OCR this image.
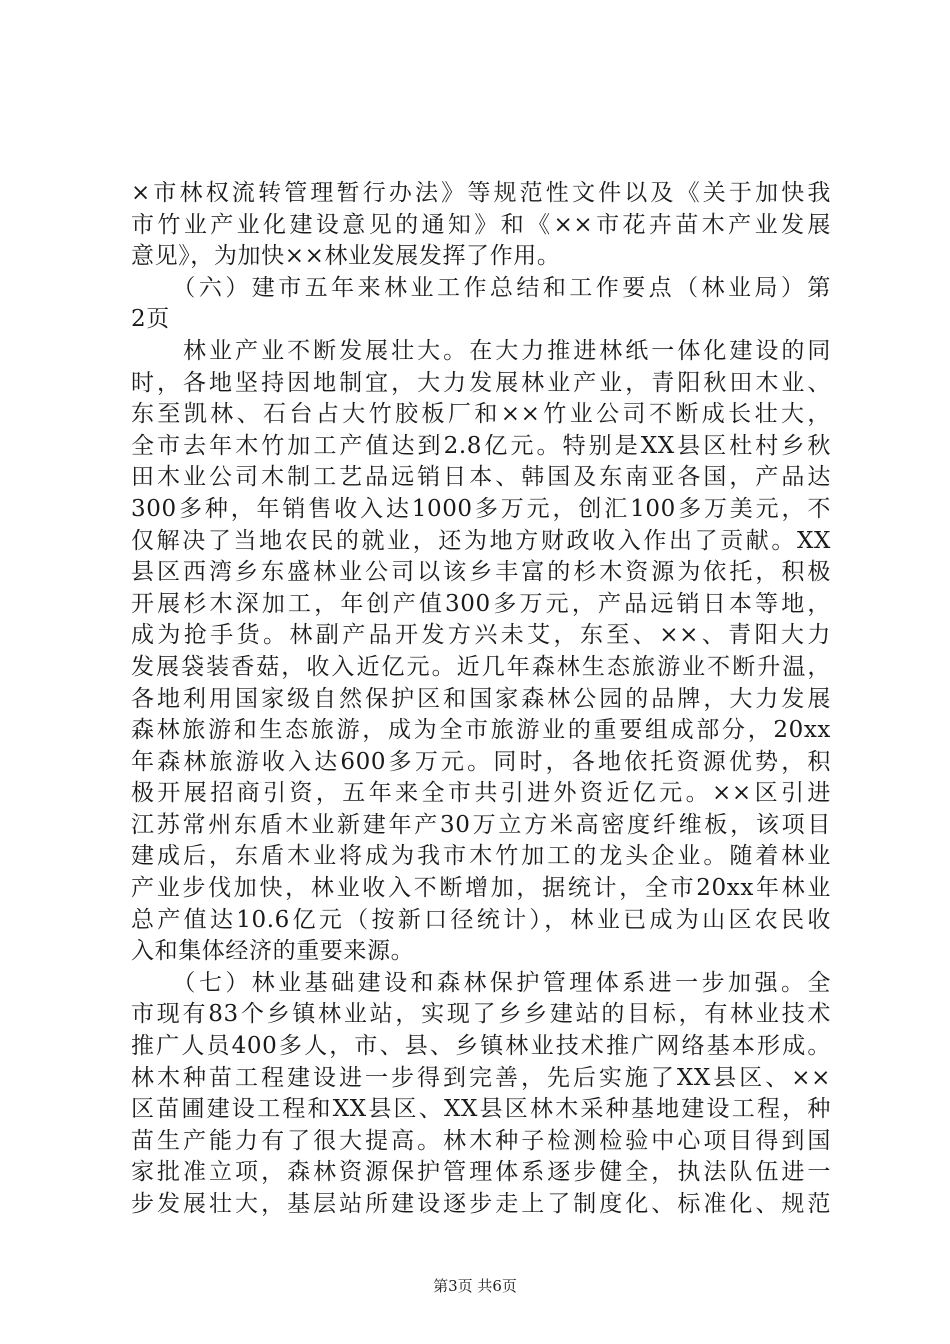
×市林权流转管理暂行办法》等规范性文件以及《关于加快我
市竹业产业化建设意见的通知》和《××市花卉苗木产业发展
意见》，为加快××林业发展发挥了作用。
　　（六）建市五年来林业工作总结和工作要点（林业局）第
2页
　　林业产业不断发展壮大。在大力推进林纸一体化建设的同
时，各地坚持因地制宜，大力发展林业产业，青阳秋田木业、
东至凯林、石台占大竹胶板厂和××竹业公司不断成长壮大，
全市去年木竹加工产值达到2.8亿元。特别是XX县区杜村乡秋
田木业公司木制工艺品远销日本、韩国及东南亚各国，产品达
300多种，年销售收入达1000多万元，创汇100多万美元，不
仅解决了当地农民的就业，还为地方财政收入作出了贡献。XX
县区西湾乡东盛林业公司以该乡丰富的杉木资源为依托，积极
开展杉木深加工，年创产值300多万元，产品远销日本等地，
成为抢手货。林副产品开发方兴未艾，东至、××、青阳大力
发展袋装香菇，收入近亿元。近几年森林生态旅游业不断升温，
各地利用国家级自然保护区和国家森林公园的品牌，大力发展
森林旅游和生态旅游，成为全市旅游业的重要组成部分，20xx
年森林旅游收入达600多万元。同时，各地依托资源优势，积
极开展招商引资，五年来全市共引进外资近亿元。××区引进
江苏常州东盾木业新建年产30万立方米高密度纤维板，该项目
建成后，东盾木业将成为我市木竹加工的龙头企业。随着林业
产业步伐加快，林业收入不断增加，据统计，全市20xx年林业
总产值达10.6亿元（按新口径统计），林业已成为山区农民收
入和集体经济的重要来源。
　　（七）林业基础建设和森林保护管理体系进一步加强。全
市现有83个乡镇林业站，实现了乡乡建站的目标，有林业技术
推广人员400多人，市、县、乡镇林业技术推广网络基本形成。
林木种苗工程建设进一步得到完善，先后实施了XX县区、××
区苗圃建设工程和XX县区、XX县区林木采种基地建设工程，种
苗生产能力有了很大提高。林木种子检测检验中心项目得到国
家批准立项，森林资源保护管理体系逐步健全，执法队伍进一
步发展壮大，基层站所建设逐步走上了制度化、标准化、规范
第3页 共6页
